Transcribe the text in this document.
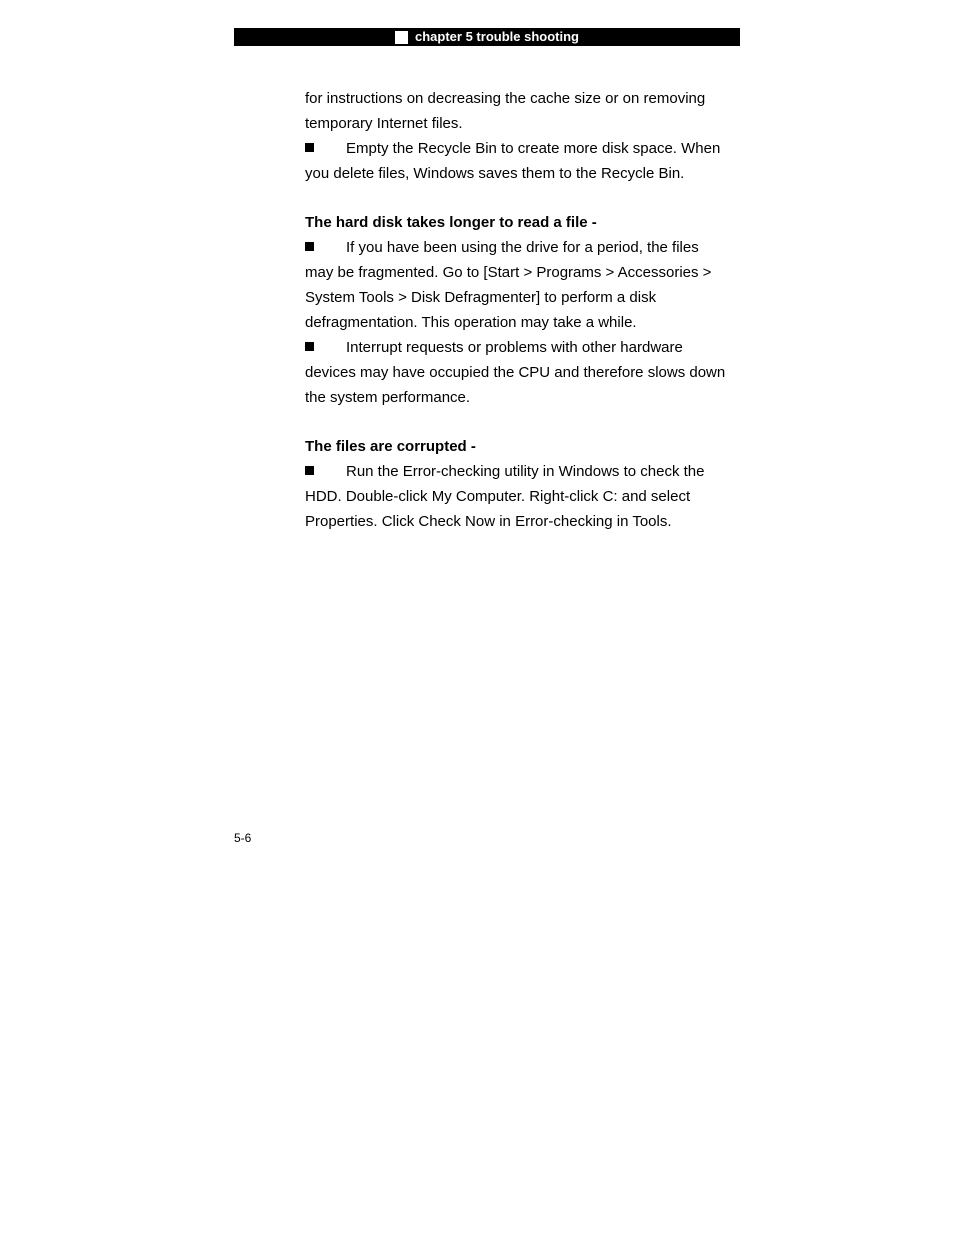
chapter 5 trouble shooting
for instructions on decreasing the cache size or on removing
temporary Internet files.
Empty the Recycle Bin to create more disk space. When
you delete files, Windows saves them to the Recycle Bin.
The hard disk takes longer to read a file -
If you have been using the drive for a period, the files
may be fragmented. Go to [Start > Programs > Accessories >
System Tools > Disk Defragmenter] to perform a disk
defragmentation. This operation may take a while.
Interrupt requests or problems with other hardware
devices may have occupied the CPU and therefore slows down
the system performance.
The files are corrupted -
Run the Error-checking utility in Windows to check the
HDD. Double-click My Computer. Right-click C: and select
Properties. Click Check Now in Error-checking in Tools.
5-6
